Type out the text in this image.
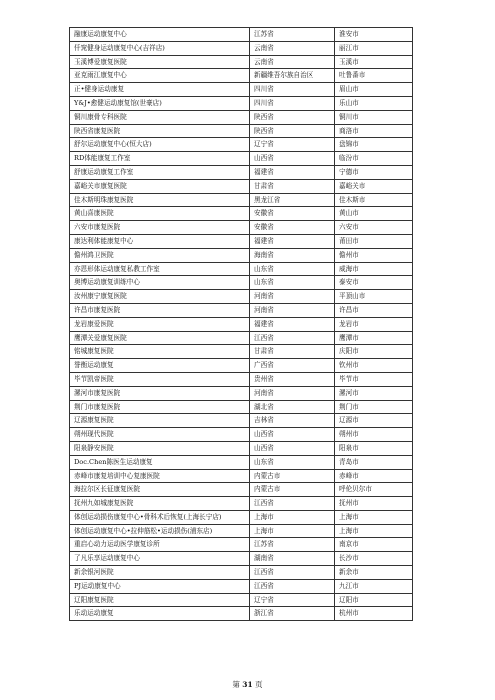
融康运动康复中心	江苏省	淮安市
仟窕健身运动康复中心(吉祥店)	云南省	丽江市
玉溪博爱康复医院	云南省	玉溪市
亚克雨江康复中心	新疆维吾尔族自治区	吐鲁番市
正•健身运动康复	四川省	眉山市
Y&J•愈健运动康复馆(世豪店)	四川省	乐山市
铜川康骨专科医院	陕西省	铜川市
陕西省康复医院	陕西省	商洛市
舒尔运动康复中心(恒大店)	辽宁省	盘锦市
RD体能康复工作室	山西省	临汾市
舒康运动康复工作室	福建省	宁德市
嘉峪关市康复医院	甘肃省	嘉峪关市
佳木斯明珠康复医院	黑龙江省	佳木斯市
黄山喜康医院	安徽省	黄山市
六安市康复医院	安徽省	六安市
康达利体能康复中心	福建省	莆田市
儋州鸿卫医院	海南省	儋州市
亦恩形体运动康复私教工作室	山东省	威海市
奥博运动康复训练中心	山东省	泰安市
汝州康宁康复医院	河南省	平顶山市
许昌市康复医院	河南省	许昌市
龙岩康爱医院	福建省	龙岩市
鹰潭关爱康复医院	江西省	鹰潭市
铭城康复医院	甘肃省	庆阳市
誉衡运动康复	广西省	钦州市
毕节凯帝医院	贵州省	毕节市
漯河市康复医院	河南省	漯河市
荆门市康复医院	湖北省	荆门市
辽源康复医院	吉林省	辽源市
朔州现代医院	山西省	朔州市
阳泉静安医院	山西省	阳泉市
Doc.Chen陈医生运动康复	山东省	青岛市
赤峰市康复培训中心复康医院	内蒙古市	赤峰市
海拉尔区长征康复医院	内蒙古市	呼伦贝尔市
抚州九如城康复医院	江西省	抚州市
体创运动损伤康复中心•骨科术后恢复(上海长宁店)	上海市	上海市
体创运动康复中心•拉伸筋松•运动损伤(浦东店)	上海市	上海市
重启心动力运动医学康复诊所	江苏省	南京市
了凡乐享运动康复中心	湖南省	长沙市
新余银河医院	江西省	新余市
PJ运动康复中心	江西省	九江市
辽阳康复医院	辽宁省	辽阳市
乐动运动康复	浙江省	杭州市
第 31 页
